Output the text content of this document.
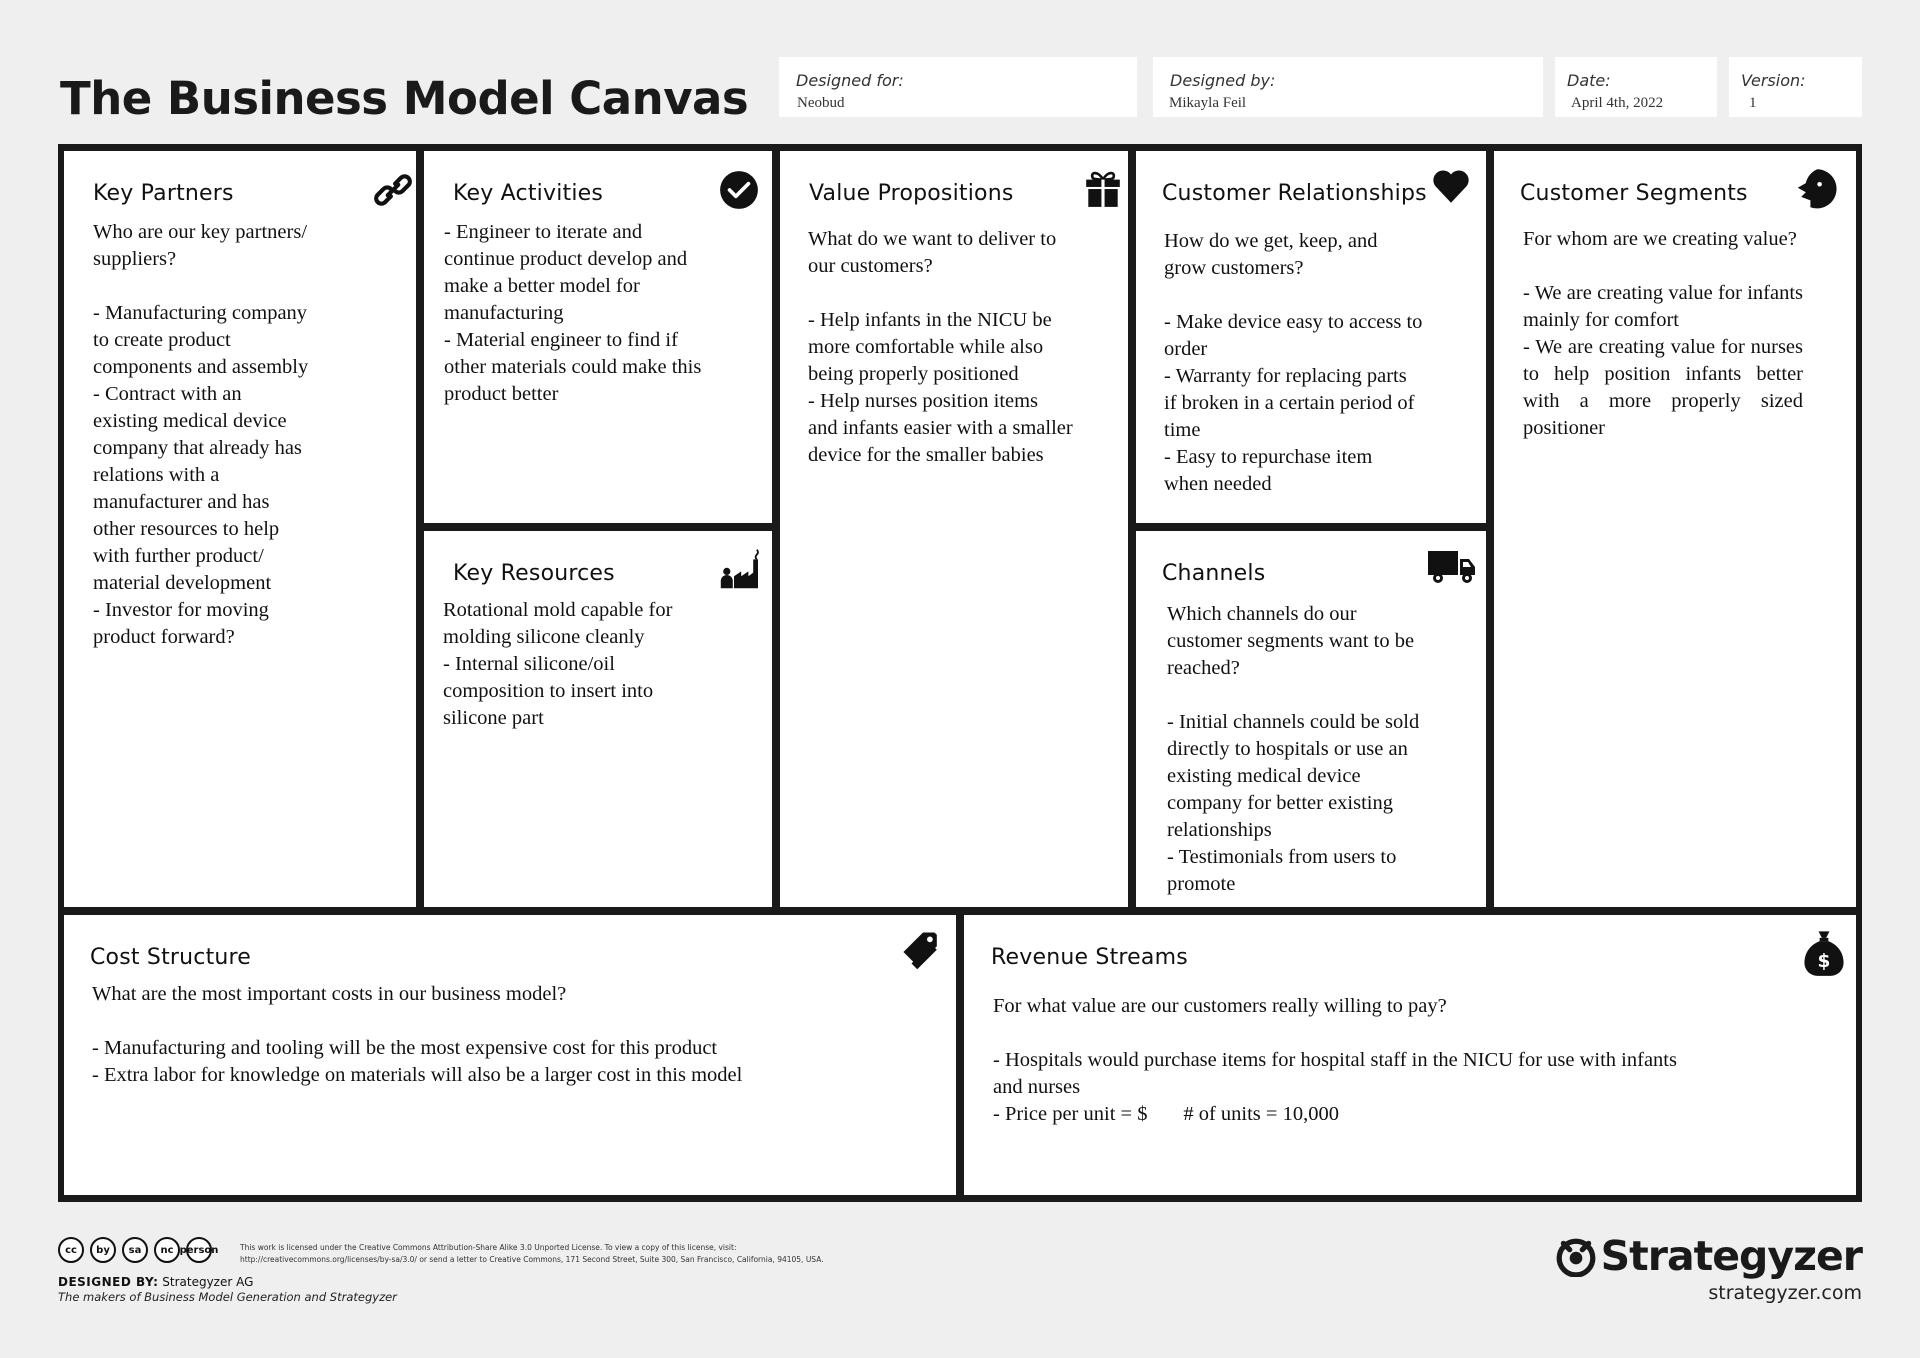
The Business Model Canvas	Designed for:
Neobud
Designed by:
Mikayla Feil
Date:
April 4th, 2022
Version:
1
Key Partners
Who are our key partners/
suppliers?

- Manufacturing company
to create product
components and assembly
- Contract with an
existing medical device
company that already has
relations with a
manufacturer and has
other resources to help
with further product/
material development
- Investor for moving
product forward?
Key Activities
- Engineer to iterate and
continue product develop and
make a better model for
manufacturing
- Material engineer to find if
other materials could make this
product better
Key Resources
Rotational mold capable for
molding silicone cleanly
- Internal silicone/oil
composition to insert into
silicone part
Value Propositions
What do we want to deliver to
our customers?

- Help infants in the NICU be
more comfortable while also
being properly positioned
- Help nurses position items
and infants easier with a smaller
device for the smaller babies
Customer Relationships
How do we get, keep, and
grow customers?

- Make device easy to access to
order
- Warranty for replacing parts
if broken in a certain period of
time
- Easy to repurchase item
when needed
Channels
Which channels do our
customer segments want to be
reached?

- Initial channels could be sold
directly to hospitals or use an
existing medical device
company for better existing
relationships
- Testimonials from users to
promote
Customer Segments
For whom are we creating value?

- We are creating value for infants mainly for comfort
- We are creating value for nurses to help position infants better with a more properly sized positioner
Cost Structure
What are the most important costs in our business model?

- Manufacturing and tooling will be the most expensive cost for this product
- Extra labor for knowledge on materials will also be a larger cost in this model
Revenue Streams	$
For what value are our customers really willing to pay?

- Hospitals would purchase items for hospital staff in the NICU for use with infants
and nurses
- Price per unit = $       # of units = 10,000
cc	by	sa	nc person	This work is licensed under the Creative Commons Attribution-Share Alike 3.0 Unported License. To view a copy of this license, visit: http://creativecommons.org/licenses/by-sa/3.0/ or send a letter to Creative Commons, 171 Second Street, Suite 300, San Francisco, California, 94105, USA.
DESIGNED BY: Strategyzer AG
The makers of Business Model Generation and Strategyzer
Strategyzer
strategyzer.com
